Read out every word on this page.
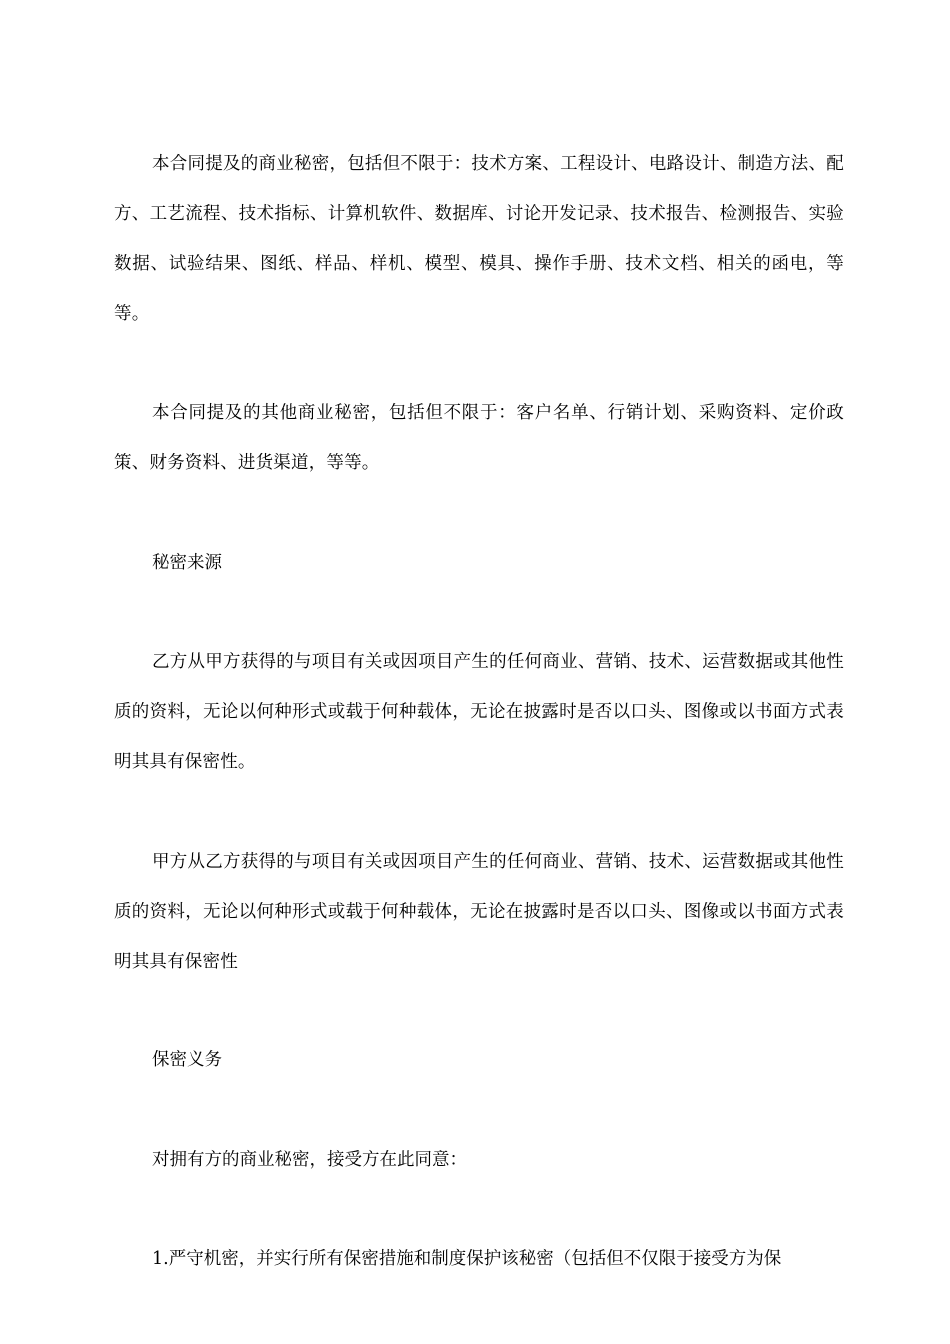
本合同提及的商业秘密，包括但不限于：技术方案、工程设计、电路设计、制造方法、配方、工艺流程、技术指标、计算机软件、数据库、讨论开发记录、技术报告、检测报告、实验数据、试验结果、图纸、样品、样机、模型、模具、操作手册、技术文档、相关的函电，等等。

本合同提及的其他商业秘密，包括但不限于：客户名单、行销计划、采购资料、定价政策、财务资料、进货渠道，等等。

秘密来源

乙方从甲方获得的与项目有关或因项目产生的任何商业、营销、技术、运营数据或其他性质的资料，无论以何种形式或载于何种载体，无论在披露时是否以口头、图像或以书面方式表明其具有保密性。

甲方从乙方获得的与项目有关或因项目产生的任何商业、营销、技术、运营数据或其他性质的资料，无论以何种形式或载于何种载体，无论在披露时是否以口头、图像或以书面方式表明其具有保密性

保密义务

对拥有方的商业秘密，接受方在此同意：

1.严守机密，并实行所有保密措施和制度保护该秘密（包括但不仅限于接受方为保
